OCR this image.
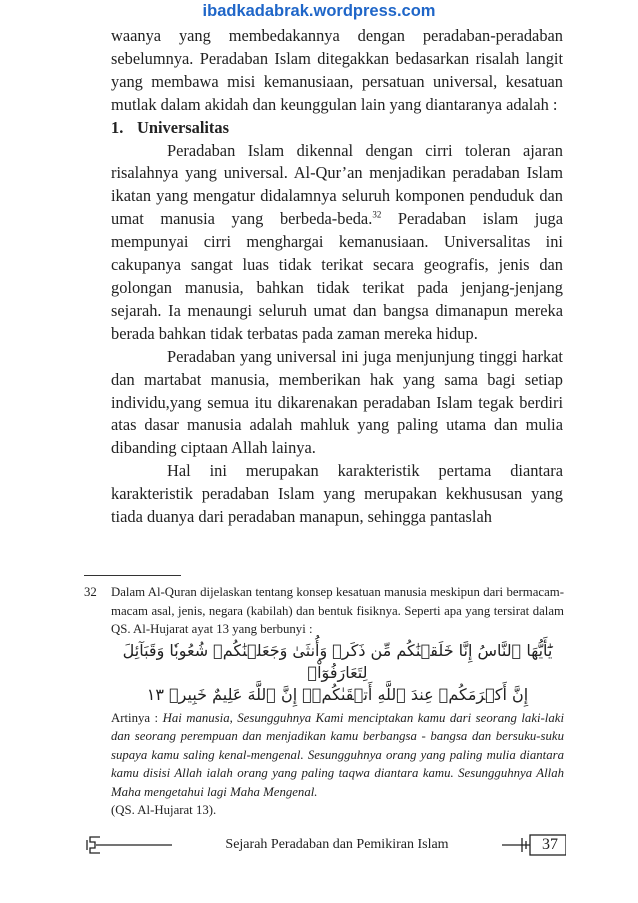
ibadkadabrak.wordpress.com

waanya yang membedakannya dengan peradaban-peradaban sebelumnya. Peradaban Islam ditegakkan bedasarkan risalah langit yang membawa misi kemanusiaan, persatuan universal, kesatuan mutlak dalam akidah dan keunggulan lain yang diantaranya adalah :

1. Universalitas

Peradaban Islam dikennal dengan cirri toleran ajaran risalahnya yang universal. Al-Qur’an menjadikan peradaban Islam ikatan yang mengatur didalamnya seluruh komponen penduduk dan umat manusia yang berbeda-beda.$^{32}$ Peradaban islam juga mempunyai cirri menghargai kemanusiaan. Universalitas ini cakupanya sangat luas tidak terikat secara geografis, jenis dan golongan manusia, bahkan tidak terikat pada jenjang-jenjang sejarah. Ia menaungi seluruh umat dan bangsa dimanapun mereka berada bahkan tidak terbatas pada zaman mereka hidup.

Peradaban yang universal ini juga menjunjung tinggi harkat dan martabat manusia, memberikan hak yang sama bagi setiap individu,yang semua itu dikarenakan peradaban Islam tegak berdiri atas dasar manusia adalah mahluk yang paling utama dan mulia dibanding ciptaan Allah lainya.

Hal ini merupakan karakteristik pertama diantara karakteristik peradaban Islam yang merupakan kekhususan yang tiada duanya dari peradaban manapun, sehingga pantaslah

32	Dalam Al-Quran dijelaskan tentang konsep kesatuan manusia meskipun dari bermacam-macam asal, jenis, negara (kabilah) dan bentuk fisiknya. Seperti apa yang tersirat dalam QS. Al-Hujarat ayat 13 yang berbunyi :

يَٰٓأَيُّهَا ٱلنَّاسُ إِنَّا خَلَقۡنَٰكُم مِّن ذَكَرٖ وَأُنثَىٰ وَجَعَلۡنَٰكُمۡ شُعُوبٗا وَقَبَآئِلَ لِتَعَارَفُوٓاْۚ
إِنَّ أَكۡرَمَكُمۡ عِندَ ٱللَّهِ أَتۡقَىٰكُمۡۚ إِنَّ ٱللَّهَ عَلِيمٌ خَبِيرٞ ١٣

Artinya : Hai manusia, Sesungguhnya Kami menciptakan kamu dari seorang laki-laki dan seorang perempuan dan menjadikan kamu berbangsa - bangsa dan bersuku-suku supaya kamu saling kenal-mengenal. Sesungguhnya orang yang paling mulia diantara kamu disisi Allah ialah orang yang paling taqwa diantara kamu. Sesungguhnya Allah Maha mengetahui lagi Maha Mengenal.

(QS. Al-Hujarat 13).

Sejarah Peradaban dan Pemikiran Islam	37
